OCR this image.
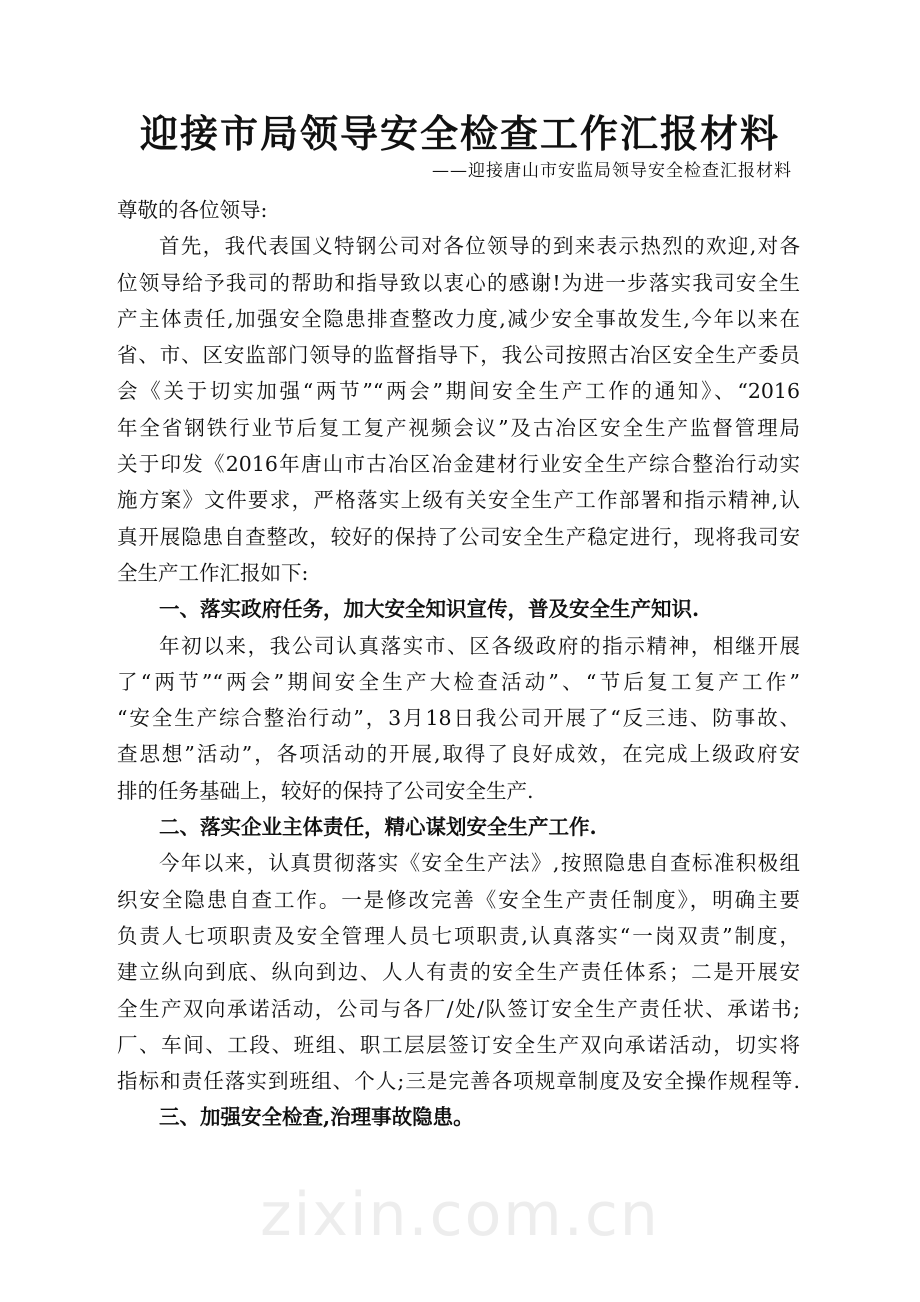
zixin.com.cn
迎接市局领导安全检查工作汇报材料
——迎接唐山市安监局领导安全检查汇报材料
尊敬的各位领导:
首先，我代表国义特钢公司对各位领导的到来表示热烈的欢迎,对各
位领导给予我司的帮助和指导致以衷心的感谢!为进一步落实我司安全生
产主体责任,加强安全隐患排查整改力度,减少安全事故发生,今年以来在
省、市、区安监部门领导的监督指导下，我公司按照古冶区安全生产委员
会《关于切实加强“两节”“两会”期间安全生产工作的通知》、“2016
年全省钢铁行业节后复工复产视频会议”及古冶区安全生产监督管理局
关于印发《2016年唐山市古冶区冶金建材行业安全生产综合整治行动实
施方案》文件要求，严格落实上级有关安全生产工作部署和指示精神,认
真开展隐患自查整改，较好的保持了公司安全生产稳定进行，现将我司安
全生产工作汇报如下:
一、落实政府任务，加大安全知识宣传，普及安全生产知识.
年初以来，我公司认真落实市、区各级政府的指示精神，相继开展
了“两节”“两会”期间安全生产大检查活动”、“节后复工复产工作”
“安全生产综合整治行动”，3月18日我公司开展了“反三违、防事故、
查思想”活动”，各项活动的开展,取得了良好成效，在完成上级政府安
排的任务基础上，较好的保持了公司安全生产.
二、落实企业主体责任，精心谋划安全生产工作.
今年以来，认真贯彻落实《安全生产法》,按照隐患自查标准积极组
织安全隐患自查工作。一是修改完善《安全生产责任制度》，明确主要
负责人七项职责及安全管理人员七项职责,认真落实“一岗双责”制度，
建立纵向到底、纵向到边、人人有责的安全生产责任体系；二是开展安
全生产双向承诺活动，公司与各厂/处/队签订安全生产责任状、承诺书;
厂、车间、工段、班组、职工层层签订安全生产双向承诺活动，切实将
指标和责任落实到班组、个人;三是完善各项规章制度及安全操作规程等.
三、加强安全检查,治理事故隐患。
